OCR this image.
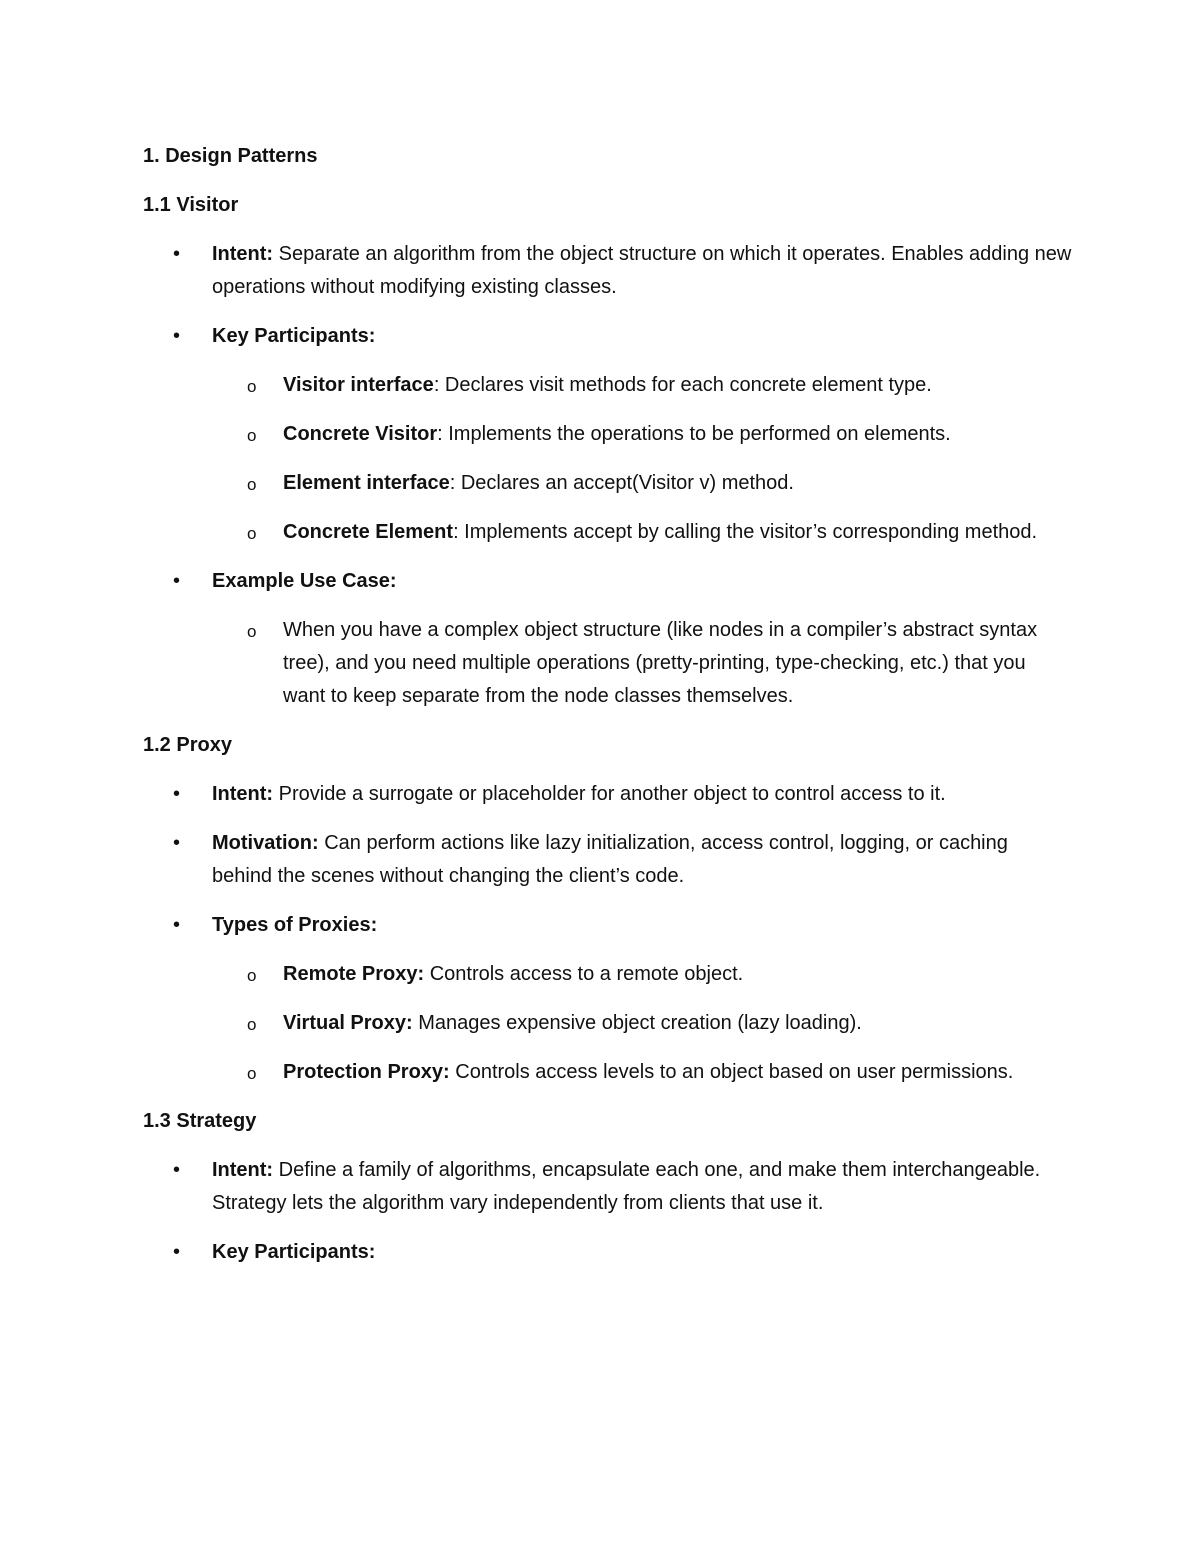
1. Design Patterns
1.1 Visitor
• Intent: Separate an algorithm from the object structure on which it operates. Enables adding new operations without modifying existing classes.
• Key Participants:
o Visitor interface: Declares visit methods for each concrete element type.
o Concrete Visitor: Implements the operations to be performed on elements.
o Element interface: Declares an accept(Visitor v) method.
o Concrete Element: Implements accept by calling the visitor’s corresponding method.
• Example Use Case:
o When you have a complex object structure (like nodes in a compiler’s abstract syntax tree), and you need multiple operations (pretty-printing, type-checking, etc.) that you want to keep separate from the node classes themselves.
1.2 Proxy
• Intent: Provide a surrogate or placeholder for another object to control access to it.
• Motivation: Can perform actions like lazy initialization, access control, logging, or caching behind the scenes without changing the client’s code.
• Types of Proxies:
o Remote Proxy: Controls access to a remote object.
o Virtual Proxy: Manages expensive object creation (lazy loading).
o Protection Proxy: Controls access levels to an object based on user permissions.
1.3 Strategy
• Intent: Define a family of algorithms, encapsulate each one, and make them interchangeable. Strategy lets the algorithm vary independently from clients that use it.
• Key Participants:
